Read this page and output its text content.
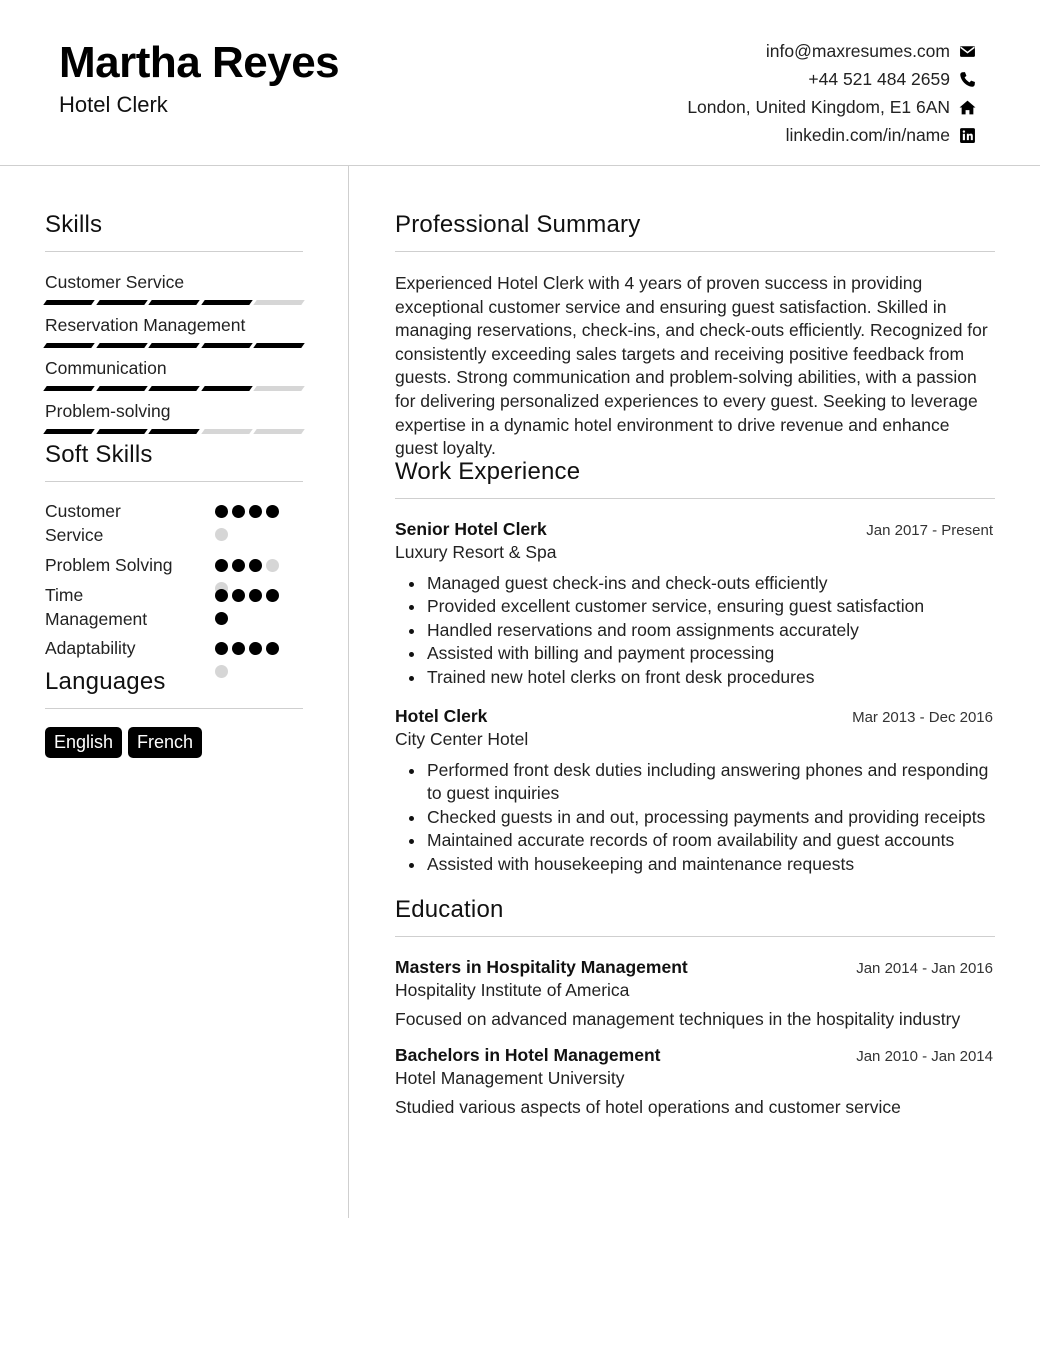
Martha Reyes
Hotel Clerk
info@maxresumes.com
+44 521 484 2659
London, United Kingdom, E1 6AN
linkedin.com/in/name
Skills
Customer Service
Reservation Management
Communication
Problem-solving
Soft Skills
Customer Service
Problem Solving
Time Management
Adaptability
Languages
English	French
Professional Summary
Experienced Hotel Clerk with 4 years of proven success in providing exceptional customer service and ensuring guest satisfaction. Skilled in managing reservations, check-ins, and check-outs efficiently. Recognized for consistently exceeding sales targets and receiving positive feedback from guests. Strong communication and problem-solving abilities, with a passion for delivering personalized experiences to every guest. Seeking to leverage expertise in a dynamic hotel environment to drive revenue and enhance guest loyalty.
Work Experience
Senior Hotel Clerk	Jan 2017 - Present
Luxury Resort & Spa
Managed guest check-ins and check-outs efficiently
Provided excellent customer service, ensuring guest satisfaction
Handled reservations and room assignments accurately
Assisted with billing and payment processing
Trained new hotel clerks on front desk procedures
Hotel Clerk	Mar 2013 - Dec 2016
City Center Hotel
Performed front desk duties including answering phones and responding to guest inquiries
Checked guests in and out, processing payments and providing receipts
Maintained accurate records of room availability and guest accounts
Assisted with housekeeping and maintenance requests
Education
Masters in Hospitality Management	Jan 2014 - Jan 2016
Hospitality Institute of America
Focused on advanced management techniques in the hospitality industry
Bachelors in Hotel Management	Jan 2010 - Jan 2014
Hotel Management University
Studied various aspects of hotel operations and customer service
